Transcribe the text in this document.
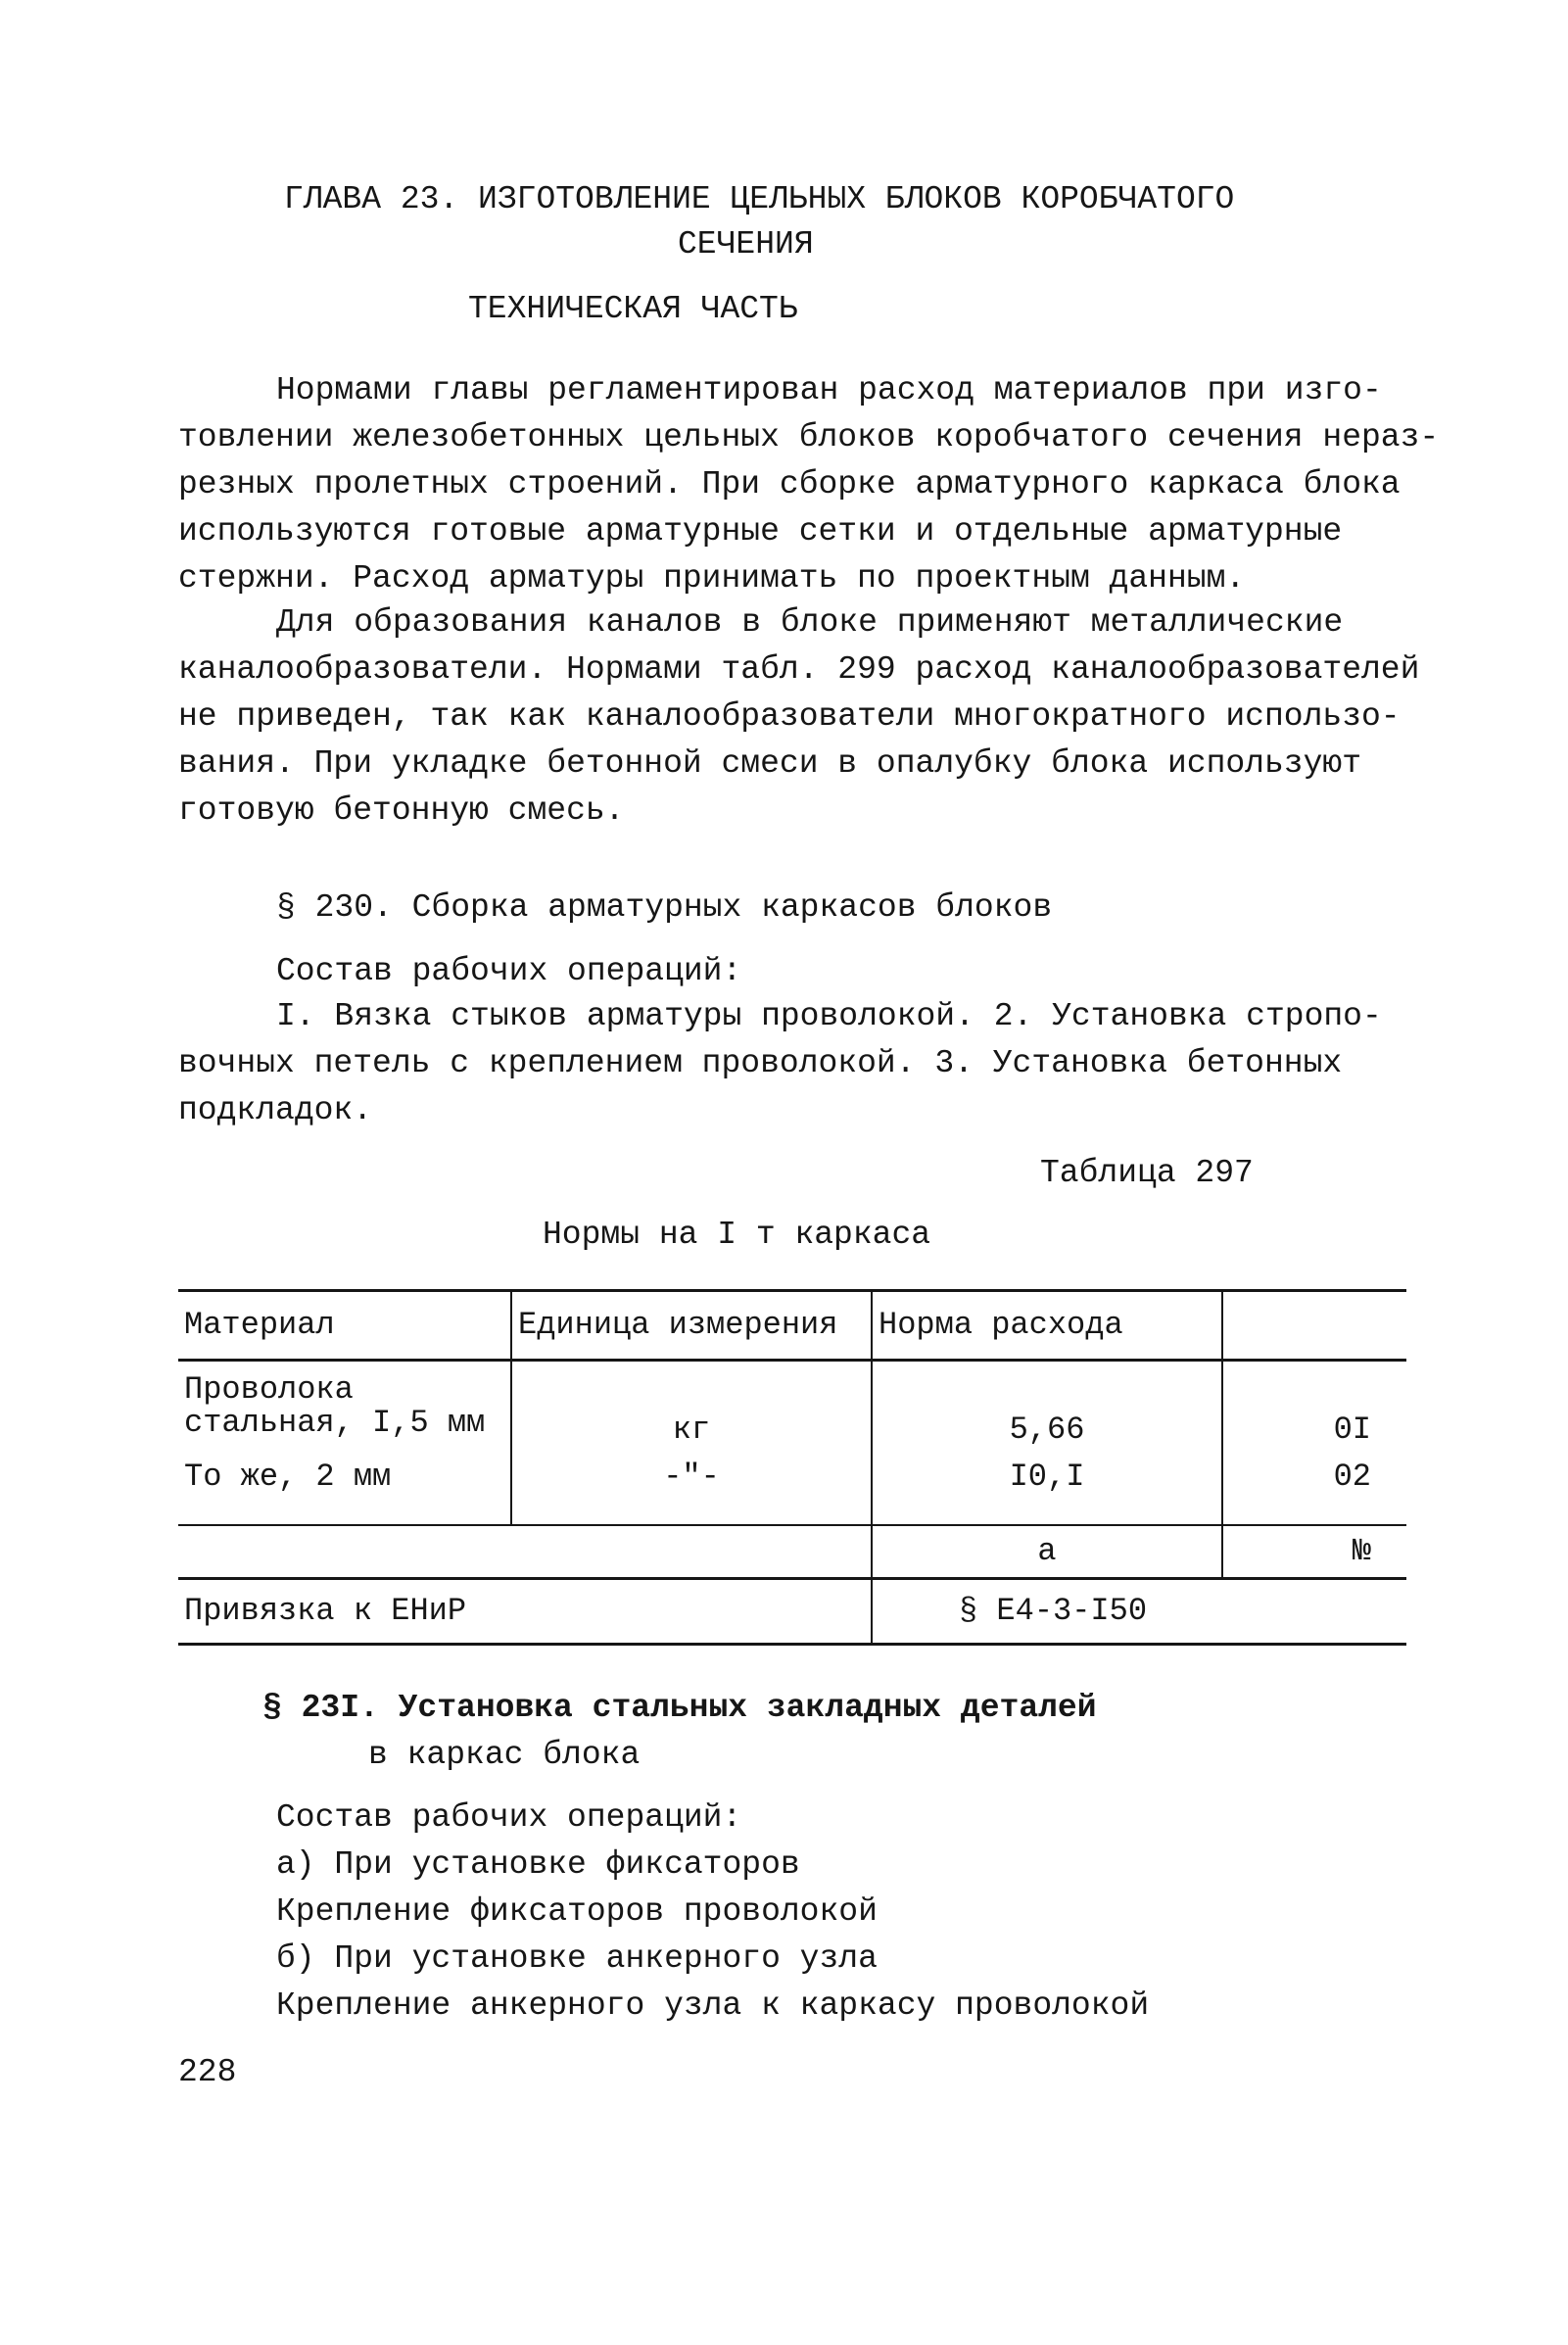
ГЛАВА 23. ИЗГОТОВЛЕНИЕ ЦЕЛЬНЫХ БЛОКОВ КОРОБЧАТОГО
СЕЧЕНИЯ
ТЕХНИЧЕСКАЯ ЧАСТЬ
Нормами главы регламентирован расход материалов при изго-
товлении железобетонных цельных блоков коробчатого сечения нераз-
резных пролетных строений. При сборке арматурного каркаса блока
используются готовые арматурные сетки и отдельные арматурные
стержни. Расход арматуры принимать по проектным данным.
Для образования каналов в блоке применяют металлические
каналообразователи. Нормами табл. 299 расход каналообразователей
не приведен, так как каналообразователи многократного использо-
вания. При укладке бетонной смеси в опалубку блока используют
готовую бетонную смесь.
§ 230. Сборка арматурных каркасов блоков
Состав рабочих операций:
I. Вязка стыков арматуры проволокой. 2. Установка стропо-
вочных петель с креплением проволокой. 3. Установка бетонных
подкладок.
Таблица 297
Нормы на I т каркаса
Материал	Единица измерения	Норма расхода	

Проволока
стальная, I,5 мм	кг	5,66	0I
То же, 2 мм	-"-	I0,I	02
		а	№
Привязка к ЕНиР		§ Е4-3-I50	
§ 23I. Установка стальных закладных деталей
в каркас блока
Состав рабочих операций:
а) При установке фиксаторов
Крепление фиксаторов проволокой
б) При установке анкерного узла
Крепление анкерного узла к каркасу проволокой
228
